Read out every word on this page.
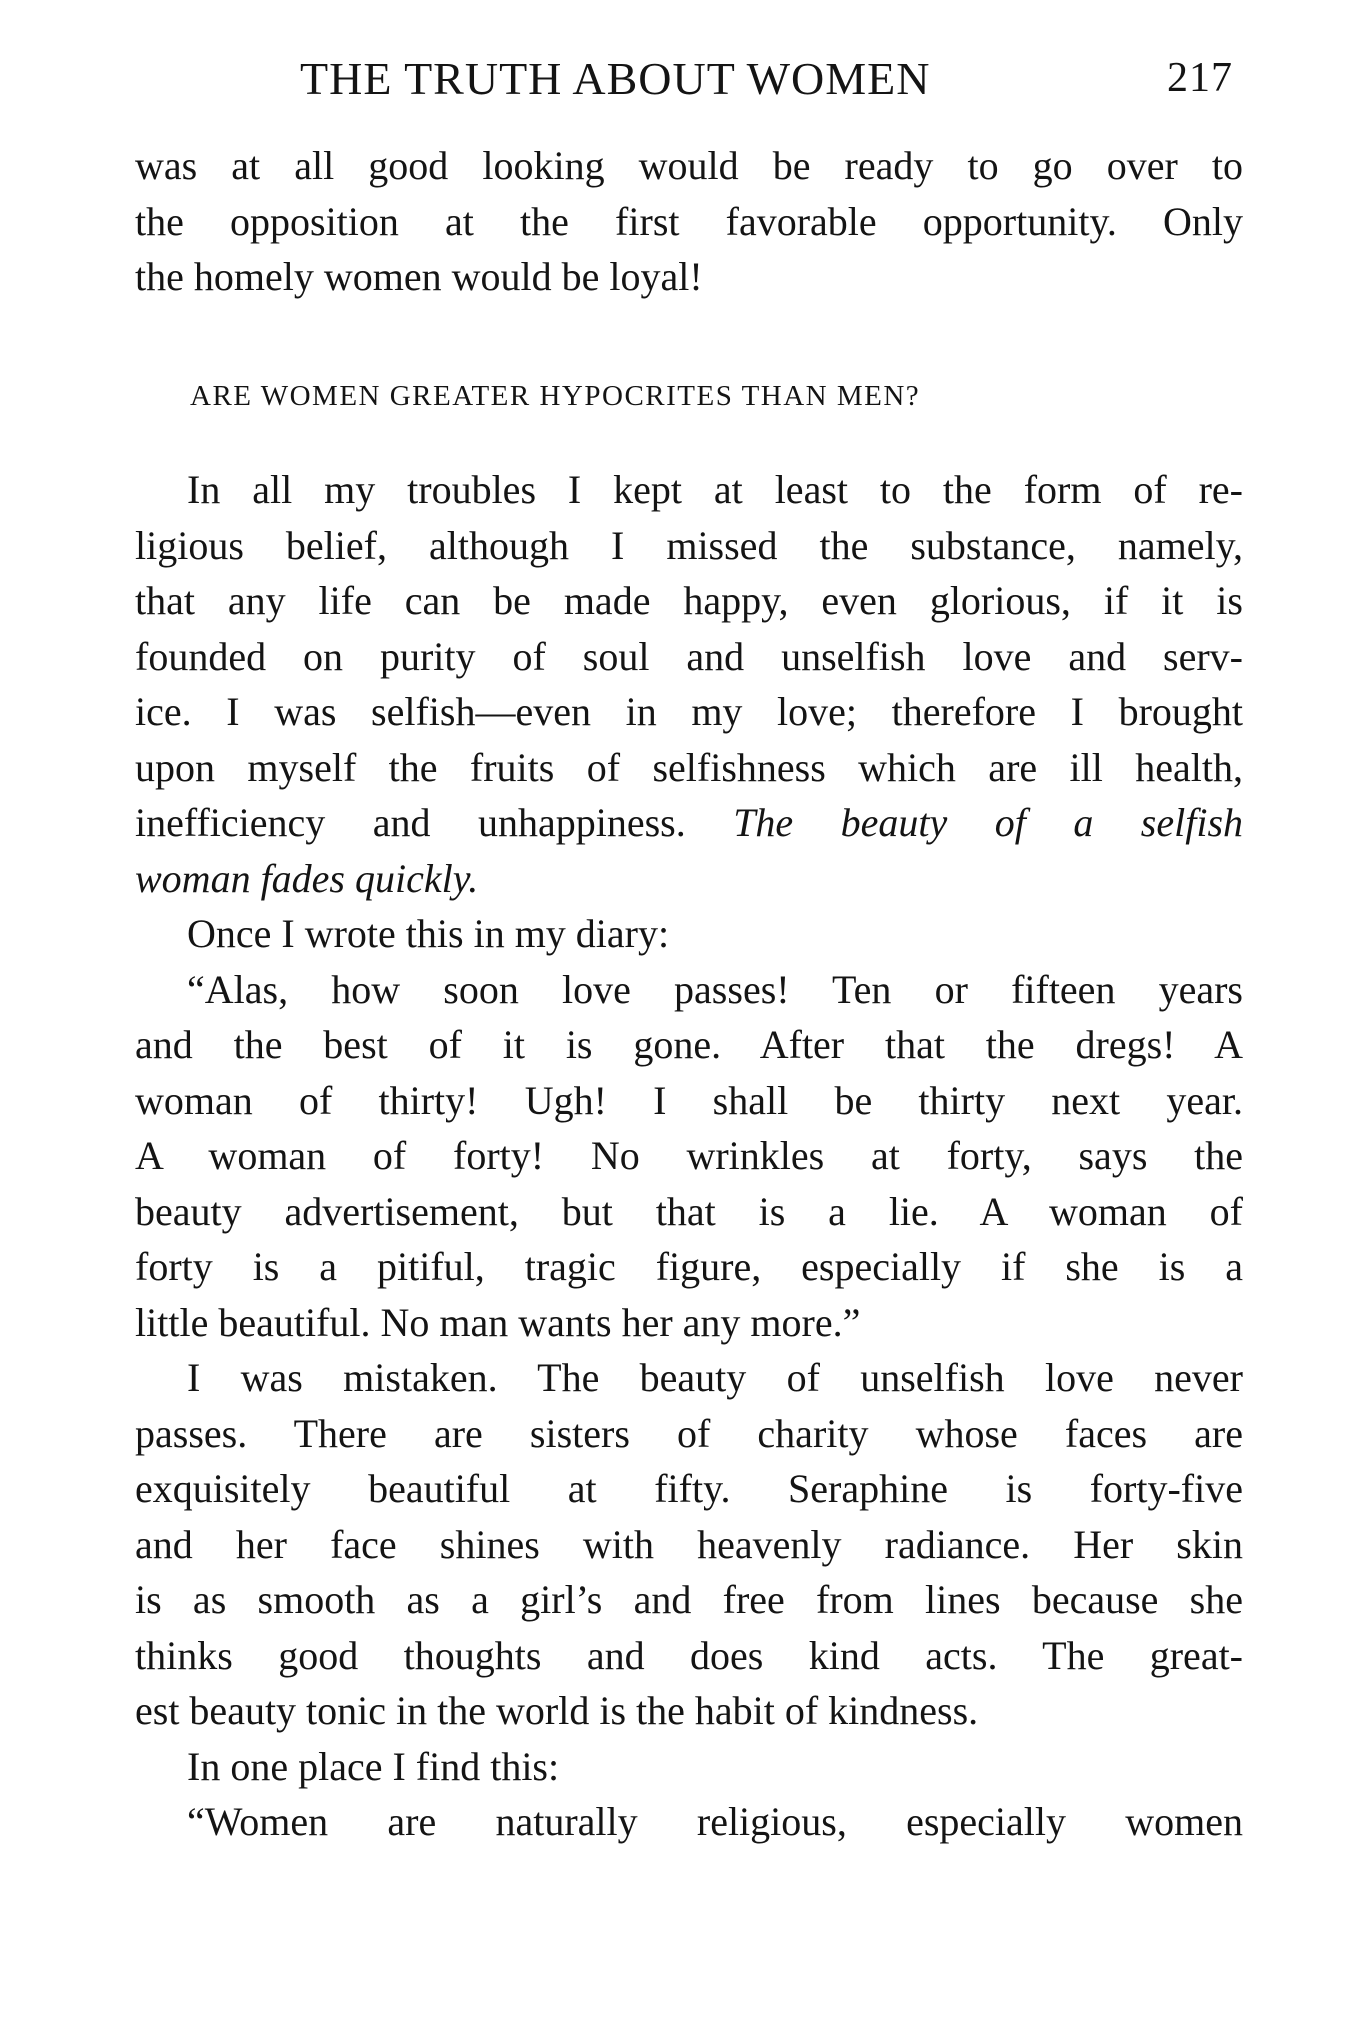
THE TRUTH ABOUT WOMEN	217
was at all good looking would be ready to go over to
the opposition at the first favorable opportunity. Only
the homely women would be loyal!
ARE WOMEN GREATER HYPOCRITES THAN MEN?
In all my troubles I kept at least to the form of re-
ligious belief, although I missed the substance, namely,
that any life can be made happy, even glorious, if it is
founded on purity of soul and unselfish love and serv-
ice. I was selfish—even in my love; therefore I brought
upon myself the fruits of selfishness which are ill health,
inefficiency and unhappiness. The beauty of a selfish
woman fades quickly.
Once I wrote this in my diary:
“Alas, how soon love passes! Ten or fifteen years
and the best of it is gone. After that the dregs! A
woman of thirty! Ugh! I shall be thirty next year.
A woman of forty! No wrinkles at forty, says the
beauty advertisement, but that is a lie. A woman of
forty is a pitiful, tragic figure, especially if she is a
little beautiful. No man wants her any more.”
I was mistaken. The beauty of unselfish love never
passes. There are sisters of charity whose faces are
exquisitely beautiful at fifty. Seraphine is forty-five
and her face shines with heavenly radiance. Her skin
is as smooth as a girl’s and free from lines because she
thinks good thoughts and does kind acts. The great-
est beauty tonic in the world is the habit of kindness.
In one place I find this:
“Women are naturally religious, especially women
